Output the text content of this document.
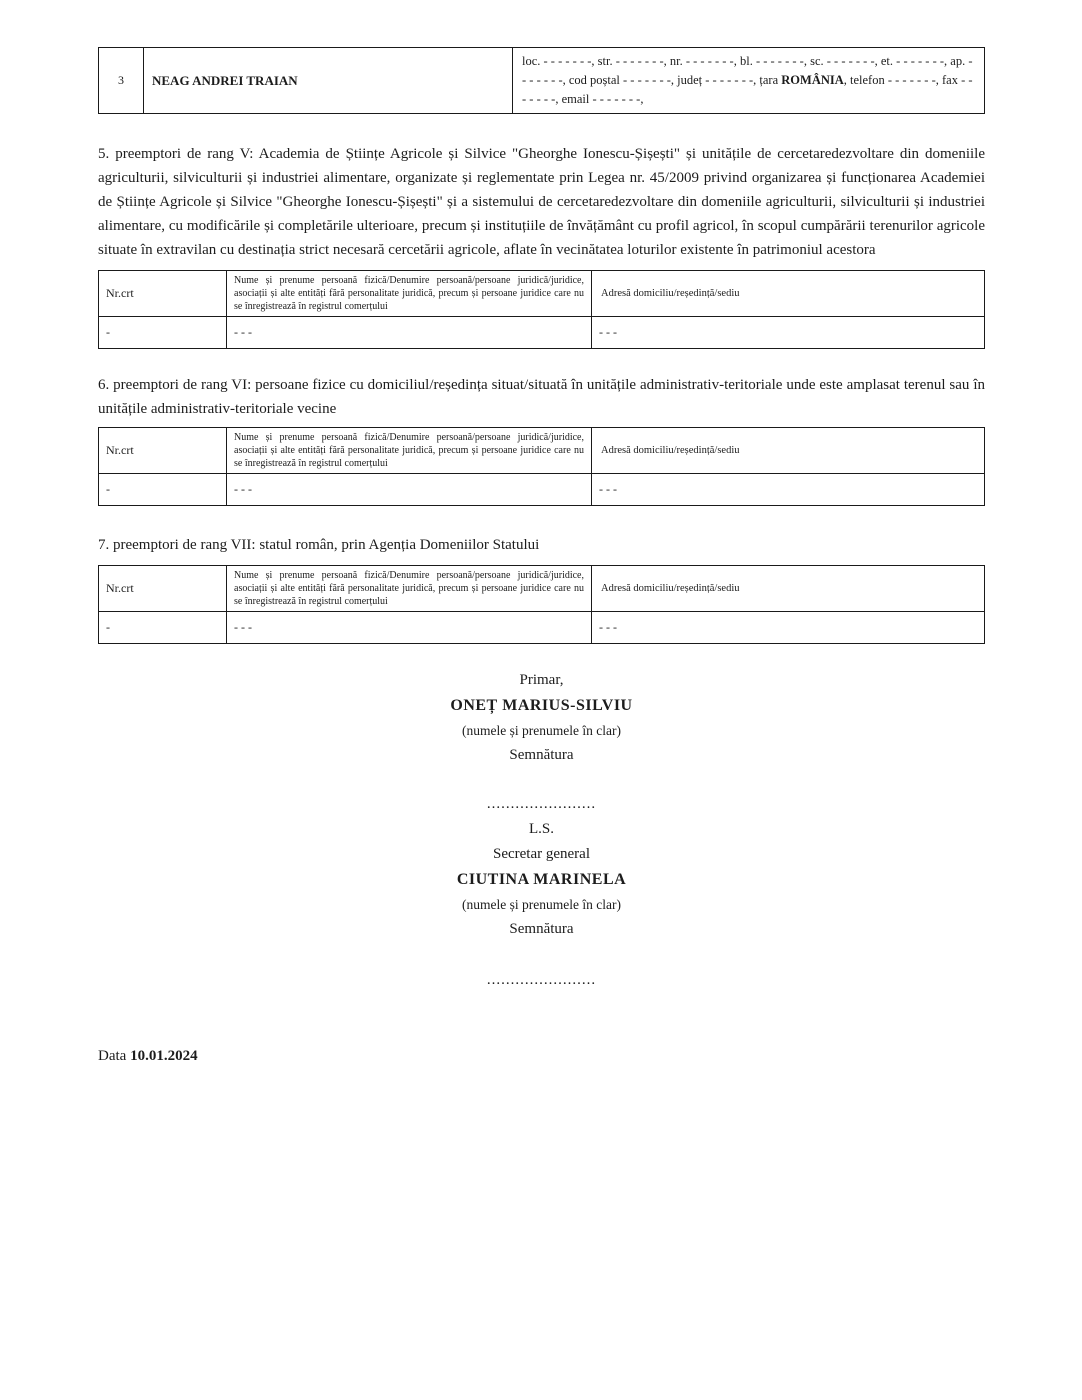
3	NEAG ANDREI TRAIAN	loc. - - - - - - -, str. - - - - - - -, nr. - - - - - - -, bl. - - - - - - -, sc. - - - - - - -, et. - - - - - - -, ap. - - - - - - -, cod poștal - - - - - - -, județ - - - - - - -, țara ROMÂNIA, telefon - - - - - - -, fax - - - - - - -, email - - - - - - -,

5. preemptori de rang V: Academia de Științe Agricole și Silvice "Gheorghe Ionescu-Șișești" și unitățile de cercetaredezvoltare din domeniile agriculturii, silviculturii și industriei alimentare, organizate și reglementate prin Legea nr. 45/2009 privind organizarea și funcționarea Academiei de Științe Agricole și Silvice "Gheorghe Ionescu-Șișești" și a sistemului de cercetaredezvoltare din domeniile agriculturii, silviculturii și industriei alimentare, cu modificările și completările ulterioare, precum și instituțiile de învățământ cu profil agricol, în scopul cumpărării terenurilor agricole situate în extravilan cu destinația strict necesară cercetării agricole, aflate în vecinătatea loturilor existente în patrimoniul acestora

Nr.crt	Nume și prenume persoană fizică/Denumire persoană/persoane juridică/juridice, asociații și alte entități fără personalitate juridică, precum și persoane juridice care nu se înregistrează în registrul comerțului	Adresă domiciliu/reședință/sediu
-	- - -	- - -

6. preemptori de rang VI: persoane fizice cu domiciliul/reședința situat/situată în unitățile administrativ-teritoriale unde este amplasat terenul sau în unitățile administrativ-teritoriale vecine

Nr.crt	Nume și prenume persoană fizică/Denumire persoană/persoane juridică/juridice, asociații și alte entități fără personalitate juridică, precum și persoane juridice care nu se înregistrează în registrul comerțului	Adresă domiciliu/reședință/sediu
-	- - -	- - -

7. preemptori de rang VII: statul român, prin Agenția Domeniilor Statului

Nr.crt	Nume și prenume persoană fizică/Denumire persoană/persoane juridică/juridice, asociații și alte entități fără personalitate juridică, precum și persoane juridice care nu se înregistrează în registrul comerțului	Adresă domiciliu/reședință/sediu
-	- - -	- - -
Primar,
ONEȚ MARIUS-SILVIU
(numele și prenumele în clar)
Semnătura
.......................
L.S.
Secretar general
CIUTINA MARINELA
(numele și prenumele în clar)
Semnătura
.......................
Data 10.01.2024
